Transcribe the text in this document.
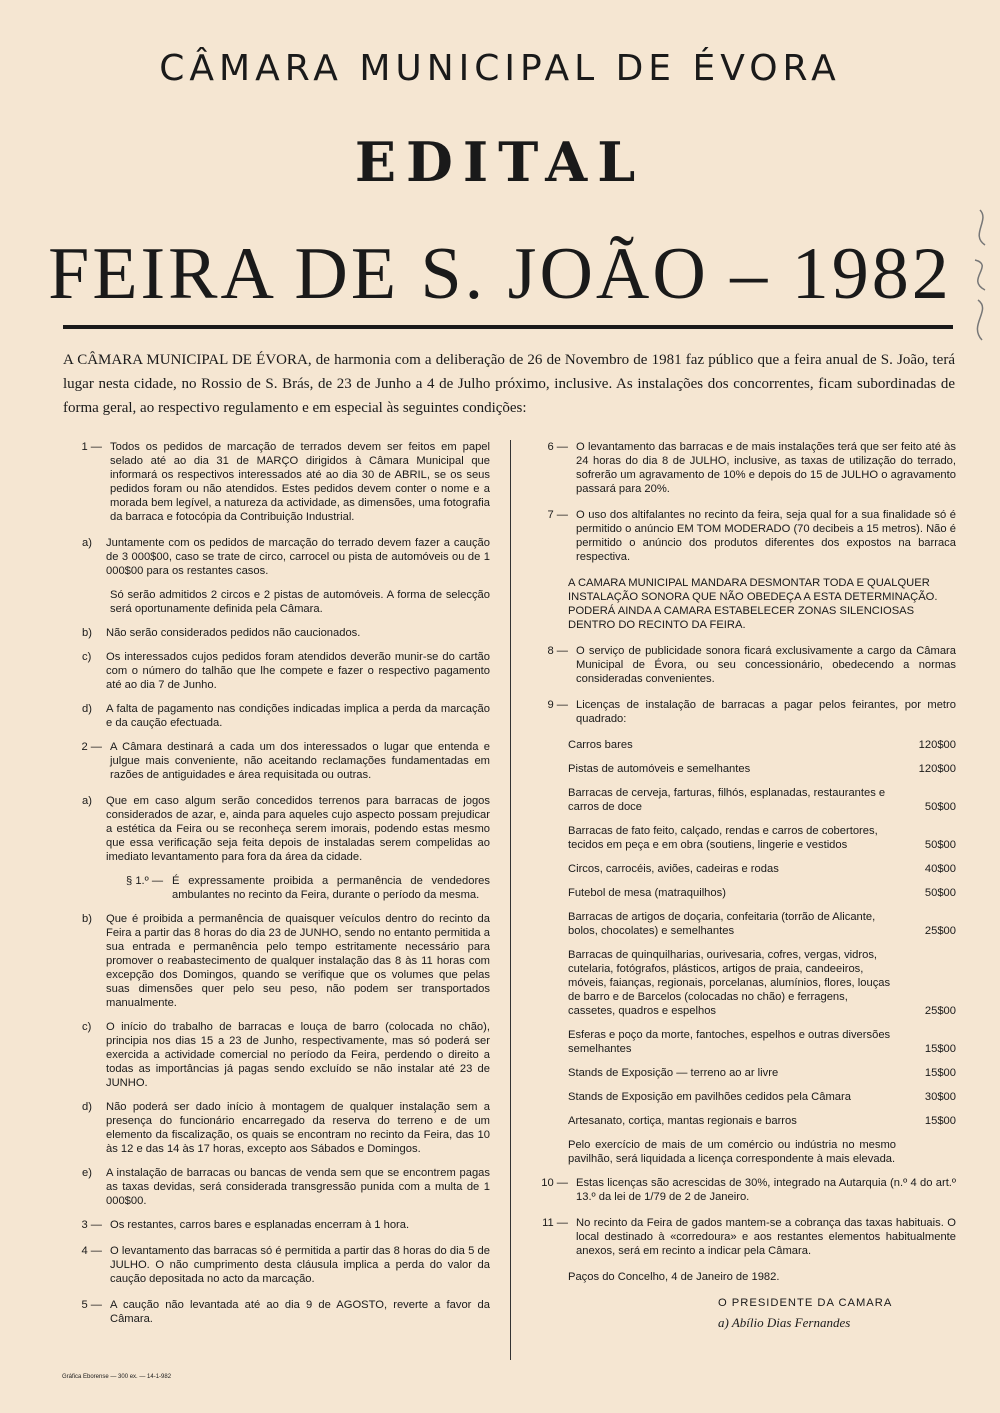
CÂMARA MUNICIPAL DE ÉVORA
EDITAL
FEIRA DE S. JOÃO – 1982
A CÂMARA MUNICIPAL DE ÉVORA, de harmonia com a deliberação de 26 de Novembro de 1981 faz público que a feira anual de S. João, terá lugar nesta cidade, no Rossio de S. Brás, de 23 de Junho a 4 de Julho próximo, inclusive. As instalações dos concorrentes, ficam subordinadas de forma geral, ao respectivo regulamento e em especial às seguintes condições:
1 — Todos os pedidos de marcação de terrados devem ser feitos em papel selado até ao dia 31 de MARÇO dirigidos à Câmara Municipal que informará os respectivos interessados até ao dia 30 de ABRIL, se os seus pedidos foram ou não atendidos. Estes pedidos devem conter o nome e a morada bem legível, a natureza da actividade, as dimensões, uma fotografia da barraca e fotocópia da Contribuição Industrial.
a)	Juntamente com os pedidos de marcação do terrado devem fazer a caução de 3 000$00, caso se trate de circo, carrocel ou pista de automóveis ou de 1 000$00 para os restantes casos.
Só serão admitidos 2 circos e 2 pistas de automóveis. A forma de selecção será oportunamente definida pela Câmara.
b)	Não serão considerados pedidos não caucionados.
c)	Os interessados cujos pedidos foram atendidos deverão munir-se do cartão com o número do talhão que lhe compete e fazer o respectivo pagamento até ao dia 7 de Junho.
d)	A falta de pagamento nas condições indicadas implica a perda da marcação e da caução efectuada.
2 — A Câmara destinará a cada um dos interessados o lugar que entenda e julgue mais conveniente, não aceitando reclamações fundamentadas em razões de antiguidades e área requisitada ou outras.
a)	Que em caso algum serão concedidos terrenos para barracas de jogos considerados de azar, e, ainda para aqueles cujo aspecto possam prejudicar a estética da Feira ou se reconheça serem imorais, podendo estas mesmo que essa verificação seja feita depois de instaladas serem compelidas ao imediato levantamento para fora da área da cidade.
§ 1.º — É expressamente proibida a permanência de vendedores ambulantes no recinto da Feira, durante o período da mesma.
b)	Que é proibida a permanência de quaisquer veículos dentro do recinto da Feira a partir das 8 horas do dia 23 de JUNHO, sendo no entanto permitida a sua entrada e permanência pelo tempo estritamente necessário para promover o reabastecimento de qualquer instalação das 8 às 11 horas com excepção dos Domingos, quando se verifique que os volumes que pelas suas dimensões quer pelo seu peso, não podem ser transportados manualmente.
c)	O início do trabalho de barracas e louça de barro (colocada no chão), principia nos dias 15 a 23 de Junho, respectivamente, mas só poderá ser exercida a actividade comercial no período da Feira, perdendo o direito a todas as importâncias já pagas sendo excluído se não instalar até 23 de JUNHO.
d)	Não poderá ser dado início à montagem de qualquer instalação sem a presença do funcionário encarregado da reserva do terreno e de um elemento da fiscalização, os quais se encontram no recinto da Feira, das 10 às 12 e das 14 às 17 horas, excepto aos Sábados e Domingos.
e)	A instalação de barracas ou bancas de venda sem que se encontrem pagas as taxas devidas, será considerada transgressão punida com a multa de 1 000$00.
3 — Os restantes, carros bares e esplanadas encerram à 1 hora.
4 — O levantamento das barracas só é permitida a partir das 8 horas do dia 5 de JULHO. O não cumprimento desta cláusula implica a perda do valor da caução depositada no acto da marcação.
5 — A caução não levantada até ao dia 9 de AGOSTO, reverte a favor da Câmara.
6 — O levantamento das barracas e de mais instalações terá que ser feito até às 24 horas do dia 8 de JULHO, inclusive, as taxas de utilização do terrado, sofrerão um agravamento de 10% e depois do 15 de JULHO o agravamento passará para 20%.
7 — O uso dos altifalantes no recinto da feira, seja qual for a sua finalidade só é permitido o anúncio EM TOM MODERADO (70 decibeis a 15 metros). Não é permitido o anúncio dos produtos diferentes dos expostos na barraca respectiva.
A CAMARA MUNICIPAL MANDARA DESMONTAR TODA E QUALQUER INSTALAÇÃO SONORA QUE NÃO OBEDEÇA A ESTA DETERMINAÇÃO. PODERÁ AINDA A CAMARA ESTABELECER ZONAS SILENCIOSAS DENTRO DO RECINTO DA FEIRA.
8 — O serviço de publicidade sonora ficará exclusivamente a cargo da Câmara Municipal de Évora, ou seu concessionário, obedecendo a normas consideradas convenientes.
9 — Licenças de instalação de barracas a pagar pelos feirantes, por metro quadrado:
Carros bares	120$00
Pistas de automóveis e semelhantes	120$00
Barracas de cerveja, farturas, filhós, esplanadas, restaurantes e carros de doce	50$00
Barracas de fato feito, calçado, rendas e carros de cobertores, tecidos em peça e em obra (soutiens, lingerie e vestidos	50$00
Circos, carrocéis, aviões, cadeiras e rodas	40$00
Futebol de mesa (matraquilhos)	50$00
Barracas de artigos de doçaria, confeitaria (torrão de Alicante, bolos, chocolates) e semelhantes	25$00
Barracas de quinquilharias, ourivesaria, cofres, vergas, vidros, cutelaria, fotógrafos, plásticos, artigos de praia, candeeiros, móveis, faianças, regionais, porcelanas, alumínios, flores, louças de barro e de Barcelos (colocadas no chão) e ferragens, cassetes, quadros e espelhos	25$00
Esferas e poço da morte, fantoches, espelhos e outras diversões semelhantes	15$00
Stands de Exposição — terreno ao ar livre	15$00
Stands de Exposição em pavilhões cedidos pela Câmara	30$00
Artesanato, cortiça, mantas regionais e barros	15$00
Pelo exercício de mais de um comércio ou indústria no mesmo pavilhão, será liquidada a licença correspondente à mais elevada.
10 — Estas licenças são acrescidas de 30%, integrado na Autarquia (n.º 4 do art.º 13.º da lei de 1/79 de 2 de Janeiro.
11 — No recinto da Feira de gados mantem-se a cobrança das taxas habituais. O local destinado à «corredoura» e aos restantes elementos habitualmente anexos, será em recinto a indicar pela Câmara.
Paços do Concelho, 4 de Janeiro de 1982.
O PRESIDENTE DA CAMARA
a) Abílio Dias Fernandes
Gráfica Eborense — 300 ex. — 14-1-982
